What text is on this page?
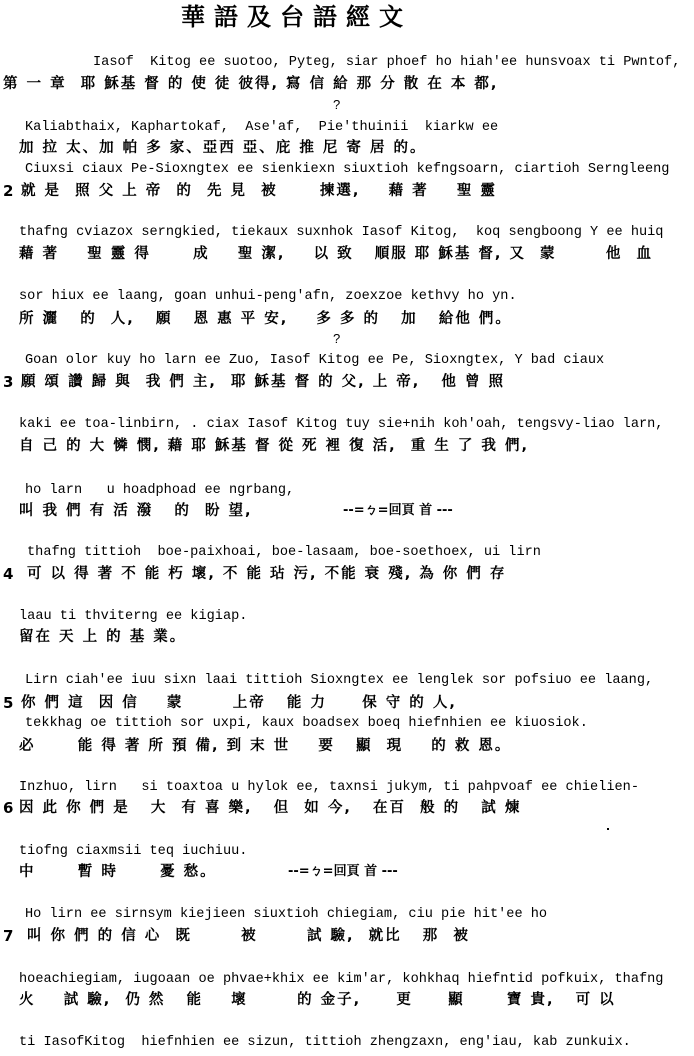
華語及台語經文
Iasof  Kitog ee suotoo, Pyteg, siar phoef ho hiah'ee hunsvoax ti Pwntof,
第 一 章  耶 穌基 督 的 使 徒 彼得, 寫 信 給 那 分 散 在 本 都,
?
Kaliabthaix, Kaphartokaf,  Ase'af,  Pie'thuinii  kiarkw ee
加 拉 太、加 帕 多 家、亞西 亞、庇 推 尼 寄 居 的。
Ciuxsi ciaux Pe-Sioxngtex ee sienkiexn siuxtioh kefngsoarn, ciartioh Serngleeng
2 就 是  照 父 上 帝  的  先 見  被      揀選,    藉 著    聖 靈
thafng cviazox serngkied, tiekaux suxnhok Iasof Kitog,  koq sengboong Y ee huiq
藉 著    聖 靈 得      成    聖 潔,    以 致   順服 耶 穌基 督, 又  蒙       他  血
sor hiux ee laang, goan unhui-peng'afn, zoexzoe kethvy ho yn.
所 灑   的  人,   願   恩 惠 平 安,    多 多 的   加   給他 們。
?
Goan olor kuy ho larn ee Zuo, Iasof Kitog ee Pe, Sioxngtex, Y bad ciaux
3 願 頌 讚 歸 與  我 們 主,  耶 穌基 督 的 父, 上 帝,   他 曾 照
kaki ee toa-linbirn, . ciax Iasof Kitog tuy sie+nih koh'oah, tengsvy-liao larn,
自 己 的 大 憐 憫, 藉 耶 穌基 督 從 死 裡 復 活,  重 生 了 我 們,
ho larn   u hoadphoad ee ngrbang,
叫 我 們 有 活 潑   的  盼 望,	--=ㄅ=回頁 首 ---
thafng tittioh  boe-paixhoai, boe-lasaam, boe-soethoex, ui lirn
4 可 以 得 著 不 能 朽 壞, 不 能 玷 污, 不能 衰 殘, 為 你 們 存
laau ti thviterng ee kigiap.
留在 天 上 的 基 業。
Lirn ciah'ee iuu sixn laai tittioh Sioxngtex ee lenglek sor pofsiuo ee laang,
5 你 們 這  因 信    蒙       上帝   能 力     保 守 的 人,
tekkhag oe tittioh sor uxpi, kaux boadsex boeq hiefnhien ee kiuosiok.
必      能 得 著 所 預 備, 到 末 世    要   顯  現    的 救 恩。
Inzhuo, lirn   si toaxtoa u hylok ee, taxnsi jukym, ti pahpvoaf ee chielien-
6 因 此 你 們 是   大  有 喜 樂,   但  如 今,   在百  般 的   試 煉
tiofng ciaxmsii teq iuchiuu.
中      暫 時      憂 愁。	--=ㄅ=回頁 首 ---
Ho lirn ee sirnsym kiejieen siuxtioh chiegiam, ciu pie hit'ee ho
7 叫 你 們 的 信 心  既       被       試 驗,  就比   那  被
hoeachiegiam, iugoaan oe phvae+khix ee kim'ar, kohkhaq hiefntid pofkuix, thafng
火    試 驗,  仍 然   能    壞       的 金子,     更     顯      寶 貴,   可 以
ti IasofKitog  hiefnhien ee sizun, tittioh zhengzaxn, eng'iau, kab zunkuix.
